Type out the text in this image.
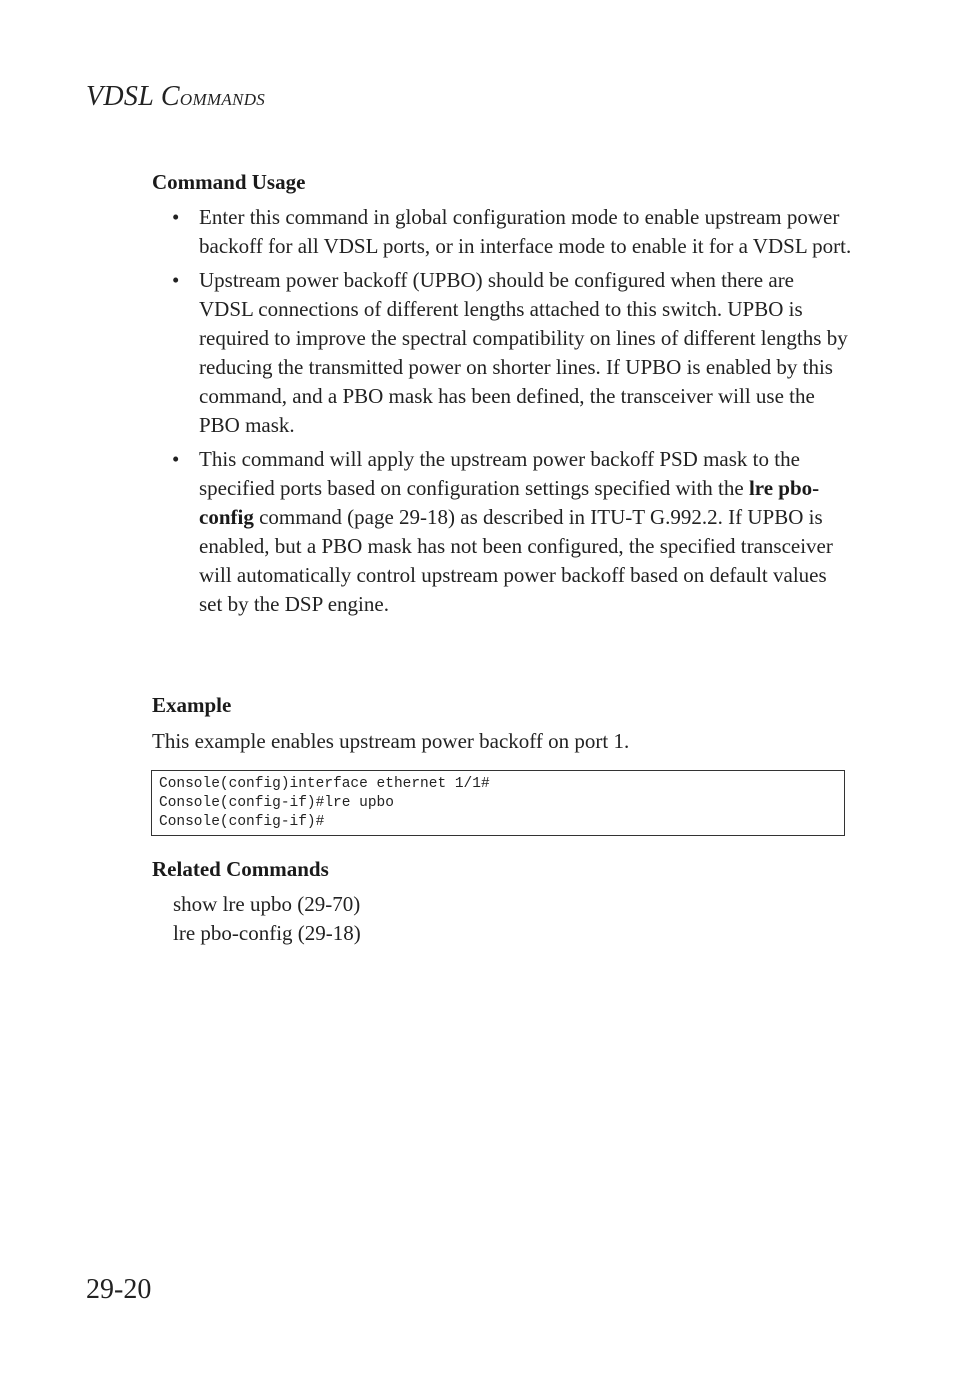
VDSL Commands
Command Usage
• Enter this command in global configuration mode to enable upstream power backoff for all VDSL ports, or in interface mode to enable it for a VDSL port.
• Upstream power backoff (UPBO) should be configured when there are VDSL connections of different lengths attached to this switch. UPBO is required to improve the spectral compatibility on lines of different lengths by reducing the transmitted power on shorter lines. If UPBO is enabled by this command, and a PBO mask has been defined, the transceiver will use the PBO mask.
• This command will apply the upstream power backoff PSD mask to the specified ports based on configuration settings specified with the lre pbo-config command (page 29-18) as described in ITU-T G.992.2. If UPBO is enabled, but a PBO mask has not been configured, the specified transceiver will automatically control upstream power backoff based on default values set by the DSP engine.
Example
This example enables upstream power backoff on port 1.
Console(config)interface ethernet 1/1#
Console(config-if)#lre upbo
Console(config-if)#
Related Commands
show lre upbo (29-70)
lre pbo-config (29-18)
29-20
